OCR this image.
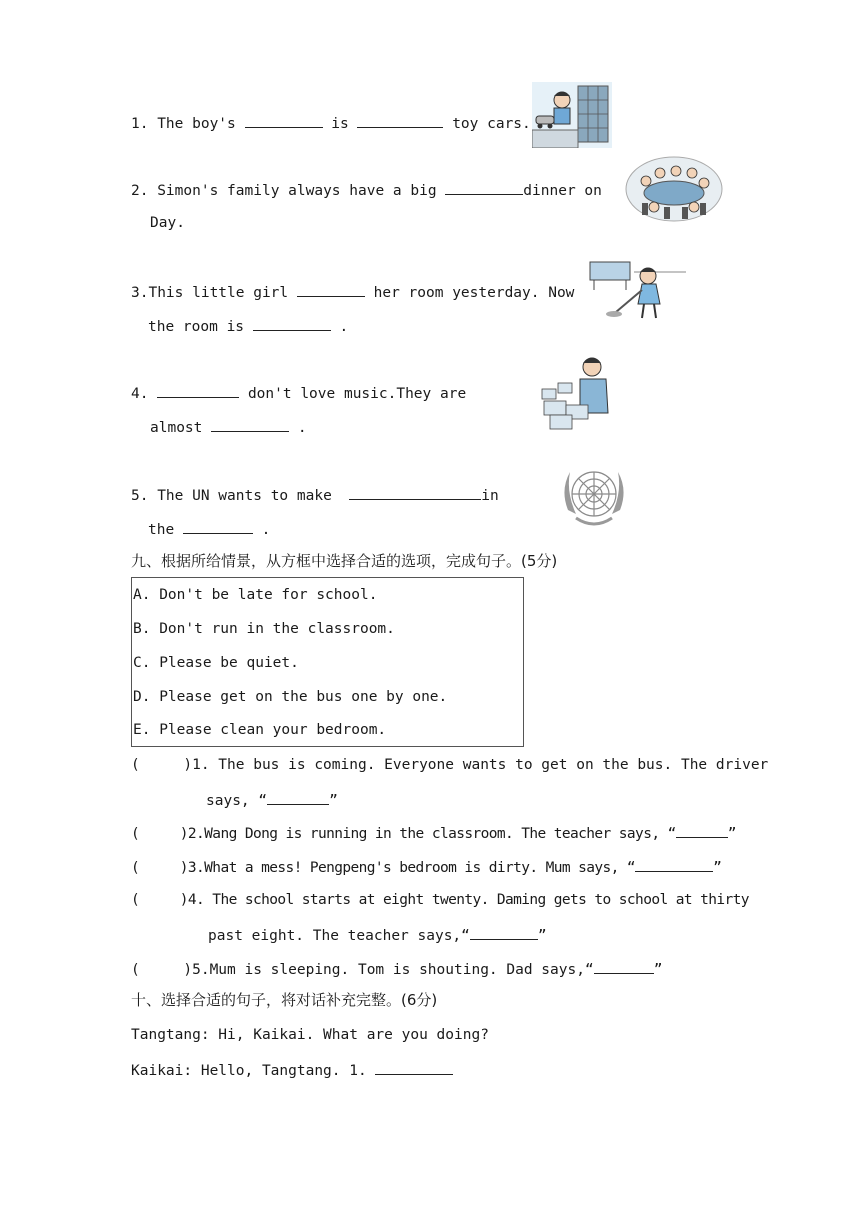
1. The boy's	is	toy cars.
2. Simon's family always have a big	dinner on
Day.
3.This little girl	her room yesterday. Now
the room is	.
4.	don't love music.They are
almost	.
5. The UN wants to make	in
the	.
九、根据所给情景，从方框中选择合适的选项，完成句子。(5分)
A. Don't be late for school.
B. Don't run in the classroom.
C. Please be quiet.
D. Please get on the bus one by one.
E. Please clean your bedroom.
(     )1. The bus is coming. Everyone wants to get on the bus. The driver
says, “	”
(     )2.Wang Dong is running in the classroom. The teacher says, “	”
(     )3.What a mess! Pengpeng's bedroom is dirty. Mum says, “	”
(     )4. The school starts at eight twenty. Daming gets to school at thirty
past eight. The teacher says,“	”
(     )5.Mum is sleeping. Tom is shouting. Dad says,“	”
十、选择合适的句子，将对话补充完整。(6分)
Tangtang: Hi, Kaikai. What are you doing?
Kaikai: Hello, Tangtang. 1.
